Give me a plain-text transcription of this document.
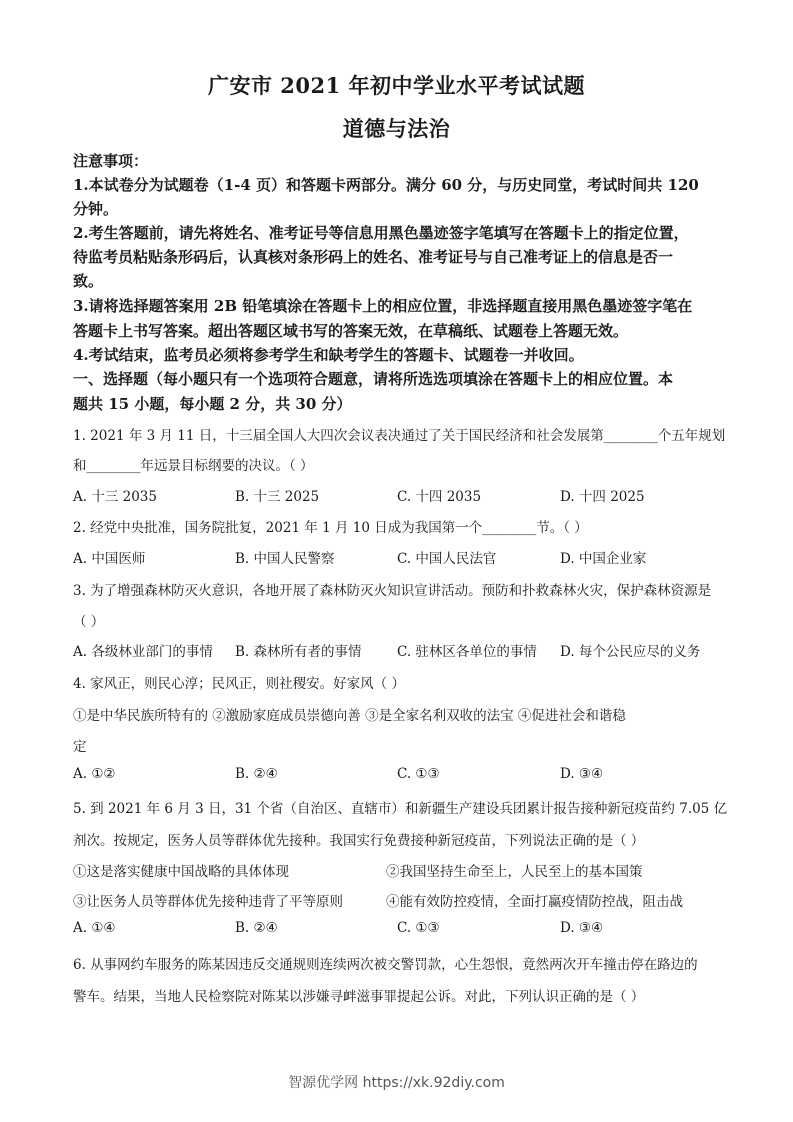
广安市 2021 年初中学业水平考试试题
道德与法治
注意事项：
1.本试卷分为试题卷（1-4 页）和答题卡两部分。满分 60 分，与历史同堂，考试时间共 120
分钟。
2.考生答题前，请先将姓名、准考证号等信息用黑色墨迹签字笔填写在答题卡上的指定位置，
待监考员粘贴条形码后，认真核对条形码上的姓名、准考证号与自己准考证上的信息是否一
致。
3.请将选择题答案用 2B 铅笔填涂在答题卡上的相应位置，非选择题直接用黑色墨迹签字笔在
答题卡上书写答案。超出答题区域书写的答案无效，在草稿纸、试题卷上答题无效。
4.考试结束，监考员必须将参考学生和缺考学生的答题卡、试题卷一并收回。
一、选择题（每小题只有一个选项符合题意，请将所选选项填涂在答题卡上的相应位置。本
题共 15 小题，每小题 2 分，共 30 分）
1. 2021 年 3 月 11 日，十三届全国人大四次会议表决通过了关于国民经济和社会发展第________个五年规划
和________年远景目标纲要的决议。（ ）
A. 十三 2035	B. 十三 2025	C. 十四 2035	D. 十四 2025
2. 经党中央批准，国务院批复，2021 年 1 月 10 日成为我国第一个________节。（ ）
A. 中国医师	B. 中国人民警察	C. 中国人民法官	D. 中国企业家
3. 为了增强森林防灭火意识，各地开展了森林防灭火知识宣讲活动。预防和扑救森林火灾，保护森林资源是
（ ）
A. 各级林业部门的事情 B. 森林所有者的事情	C. 驻林区各单位的事情 D. 每个公民应尽的义务
4. 家风正，则民心淳；民风正，则社稷安。好家风（ ）
①是中华民族所特有的 ②激励家庭成员崇德向善 ③是全家名利双收的法宝 ④促进社会和谐稳
定
A. ①②	B. ②④	C. ①③	D. ③④
5. 到 2021 年 6 月 3 日，31 个省（自治区、直辖市）和新疆生产建设兵团累计报告接种新冠疫苗约 7.05 亿
剂次。按规定，医务人员等群体优先接种。我国实行免费接种新冠疫苗，下列说法正确的是（ ）
①这是落实健康中国战略的具体体现	②我国坚持生命至上，人民至上的基本国策
③让医务人员等群体优先接种违背了平等原则	④能有效防控疫情，全面打赢疫情防控战，阻击战
A. ①④	B. ②④	C. ①③	D. ③④
6. 从事网约车服务的陈某因违反交通规则连续两次被交警罚款，心生怨恨，竟然两次开车撞击停在路边的
警车。结果，当地人民检察院对陈某以涉嫌寻衅滋事罪提起公诉。对此，下列认识正确的是（ ）
智源优学网 https://xk.92diy.com
